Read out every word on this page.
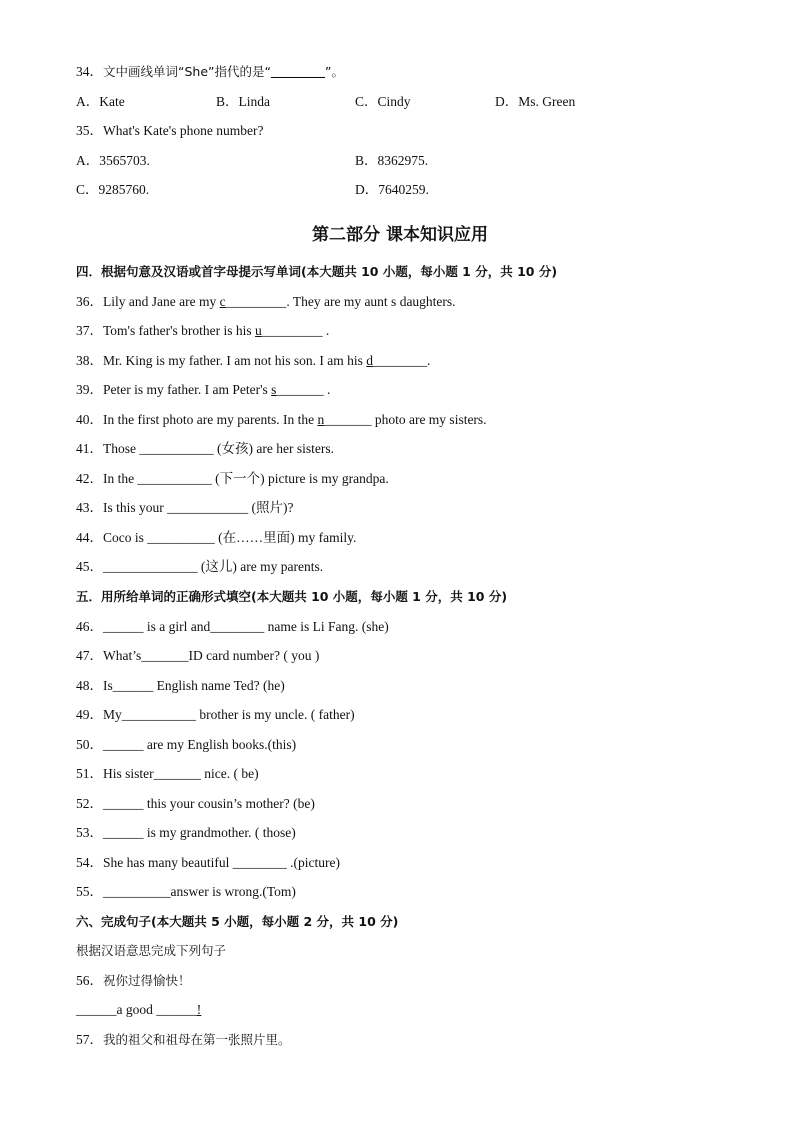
34．文中画线单词“She”指代的是“________”。
A．Kate	B．Linda	C．Cindy	D．Ms. Green
35．What's Kate's phone number?
A．3565703.	B．8362975.
C．9285760.	D．7640259.
第二部分 课本知识应用
四．根据句意及汉语或首字母提示写单词(本大题共 10 小题，每小题 1 分，共 10 分)
36．Lily and Jane are my c_________. They are my aunt s daughters.
37．Tom's father's brother is his u_________ .
38．Mr. King is my father. I am not his son. I am his d________.
39．Peter is my father. I am Peter's s_______ .
40．In the first photo are my parents. In the n_______ photo are my sisters.
41．Those ___________ (女孩) are her sisters.
42．In the ___________ (下一个) picture is my grandpa.
43．Is this your ____________ (照片)?
44．Coco is __________ (在……里面) my family.
45．______________ (这儿) are my parents.
五．用所给单词的正确形式填空(本大题共 10 小题，每小题 1 分，共 10 分)
46．______ is a girl and________ name is Li Fang. (she)
47．What’s_______ID card number? ( you )
48．Is______ English name Ted? (he)
49．My___________ brother is my uncle. ( father)
50．______ are my English books.(this)
51．His sister_______ nice. ( be)
52．______ this your cousin’s mother? (be)
53．______ is my grandmother. ( those)
54．She has many beautiful ________ .(picture)
55．__________answer is wrong.(Tom)
六、完成句子(本大题共 5 小题，每小题 2 分，共 10 分)
根据汉语意思完成下列句子
56．祝你过得愉快！
______a good ______!
57．我的祖父和祖母在第一张照片里。
